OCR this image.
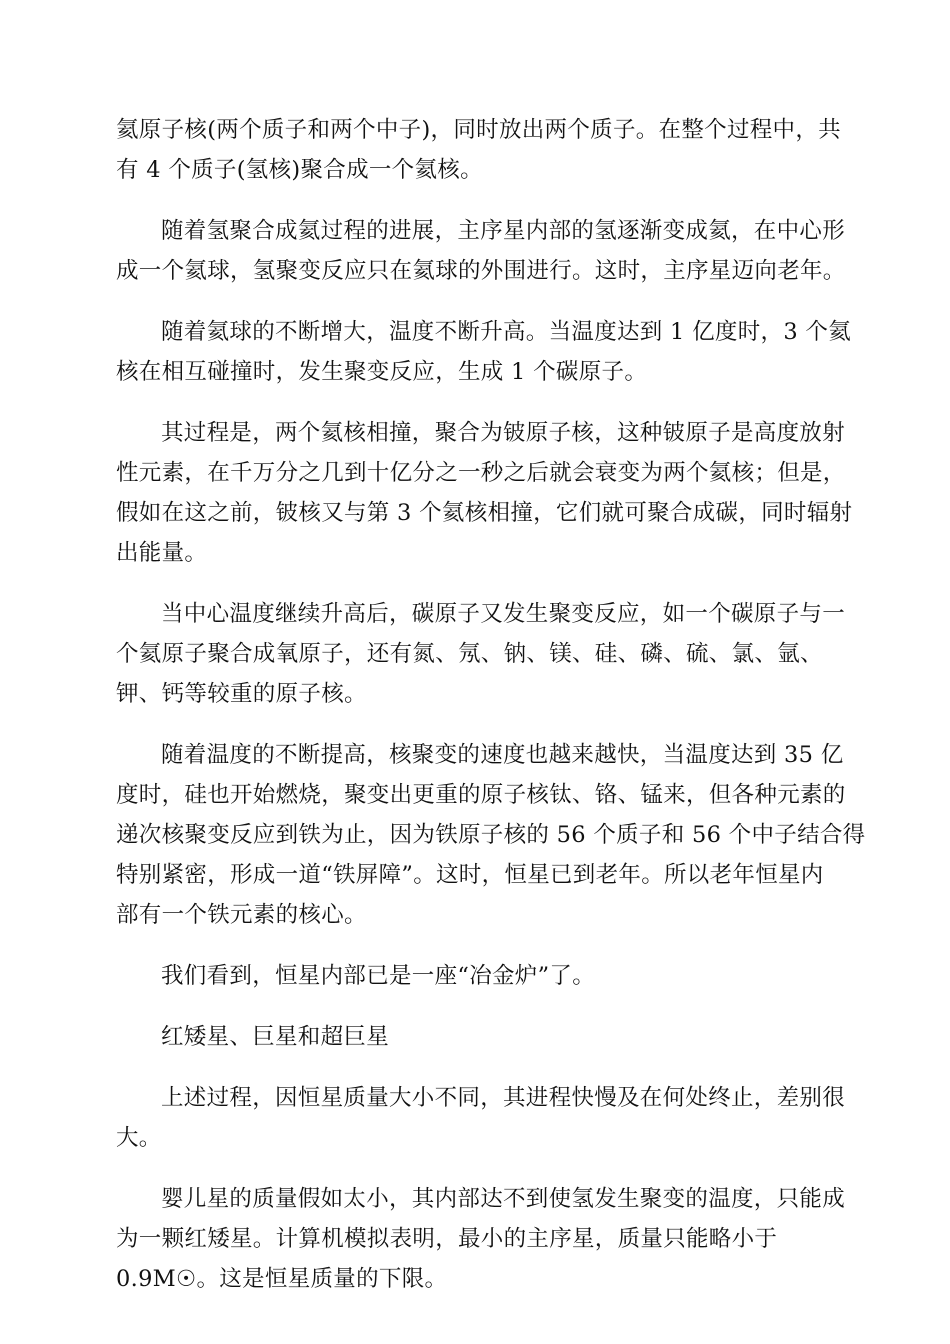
氦原子核(两个质子和两个中子)，同时放出两个质子。在整个过程中，共
有 4 个质子(氢核)聚合成一个氦核。

随着氢聚合成氦过程的进展，主序星内部的氢逐渐变成氦，在中心形
成一个氦球，氢聚变反应只在氦球的外围进行。这时，主序星迈向老年。

随着氦球的不断增大，温度不断升高。当温度达到 1 亿度时，3 个氦
核在相互碰撞时，发生聚变反应，生成 1 个碳原子。

其过程是，两个氦核相撞，聚合为铍原子核，这种铍原子是高度放射
性元素，在千万分之几到十亿分之一秒之后就会衰变为两个氦核；但是，
假如在这之前，铍核又与第 3 个氦核相撞，它们就可聚合成碳，同时辐射
出能量。

当中心温度继续升高后，碳原子又发生聚变反应，如一个碳原子与一
个氦原子聚合成氧原子，还有氮、氖、钠、镁、硅、磷、硫、氯、氩、
钾、钙等较重的原子核。

随着温度的不断提高，核聚变的速度也越来越快，当温度达到 35 亿
度时，硅也开始燃烧，聚变出更重的原子核钛、铬、锰来，但各种元素的
递次核聚变反应到铁为止，因为铁原子核的 56 个质子和 56 个中子结合得
特别紧密，形成一道“铁屏障”。这时，恒星已到老年。所以老年恒星内
部有一个铁元素的核心。

我们看到，恒星内部已是一座“冶金炉”了。

红矮星、巨星和超巨星

上述过程，因恒星质量大小不同，其进程快慢及在何处终止，差别很
大。

婴儿星的质量假如太小，其内部达不到使氢发生聚变的温度，只能成
为一颗红矮星。计算机模拟表明，最小的主序星，质量只能略小于
0.9M☉。这是恒星质量的下限。
